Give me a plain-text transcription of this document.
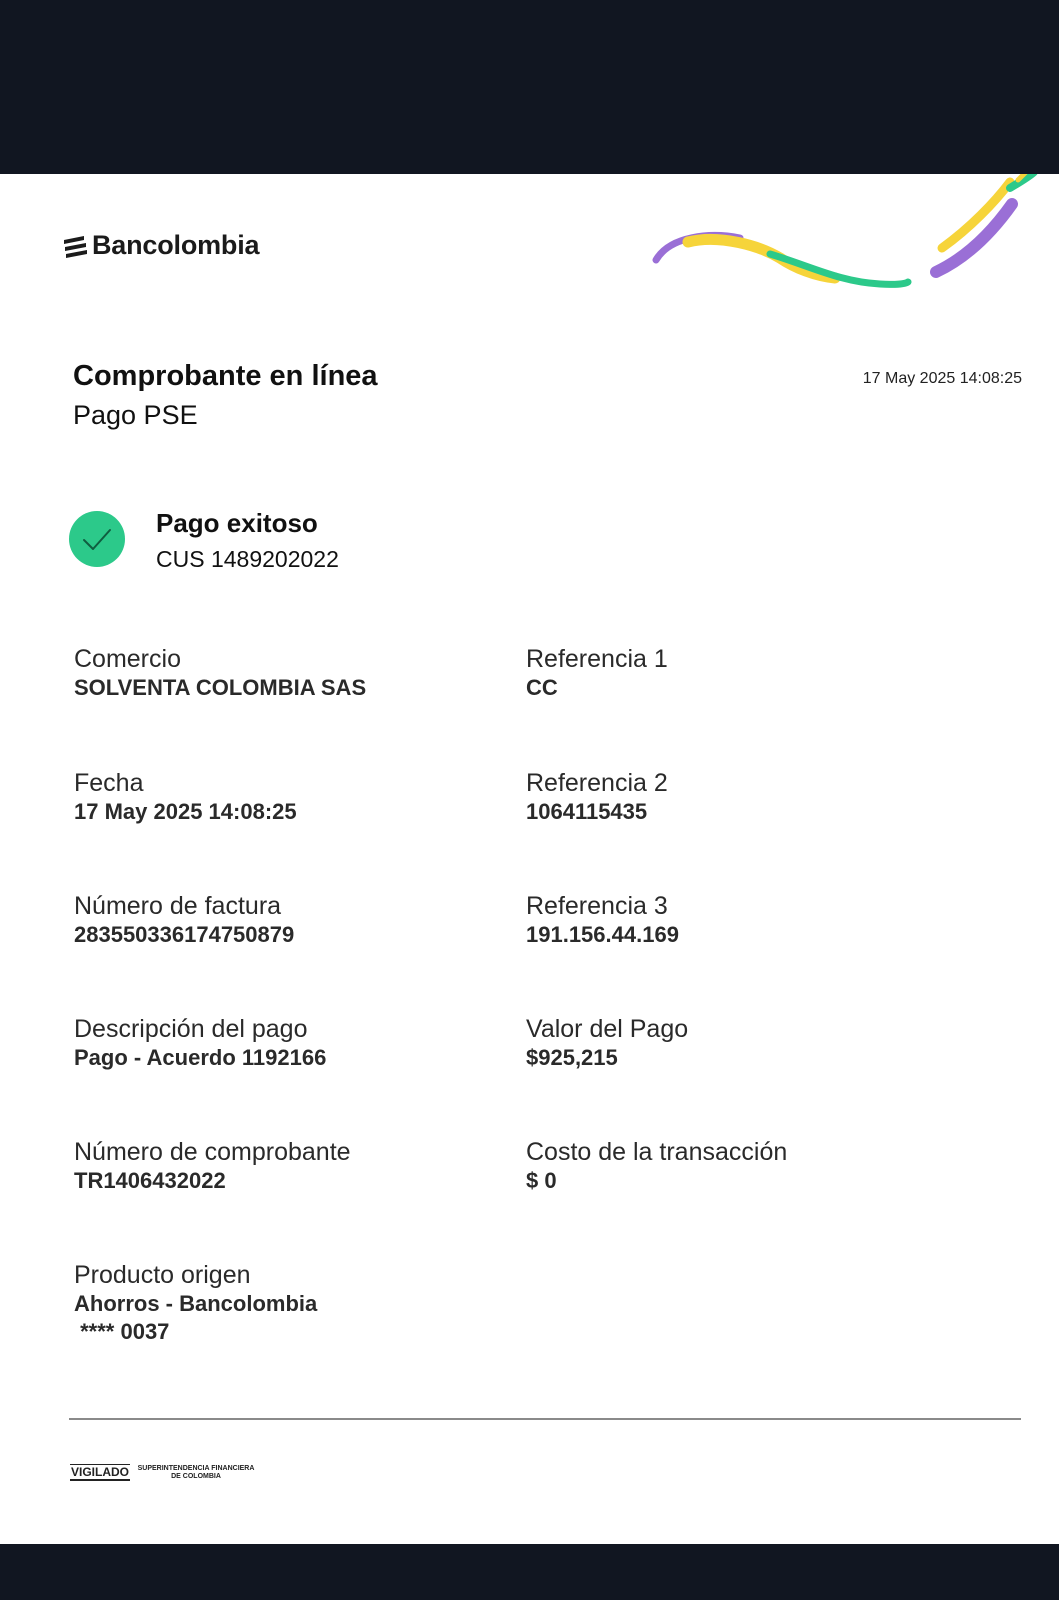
Bancolombia
Comprobante en línea
Pago PSE
17 May 2025 14:08:25
Pago exitoso
CUS 1489202022
Comercio
SOLVENTA COLOMBIA SAS
Referencia 1
CC
Fecha
17 May 2025 14:08:25
Referencia 2
1064115435
Número de factura
283550336174750879
Referencia 3
191.156.44.169
Descripción del pago
Pago - Acuerdo 1192166
Valor del Pago
$925,215
Número de comprobante
TR1406432022
Costo de la transacción
$ 0
Producto origen
Ahorros - Bancolombia
**** 0037
VIGILADO	SUPERINTENDENCIA FINANCIERA
DE COLOMBIA
